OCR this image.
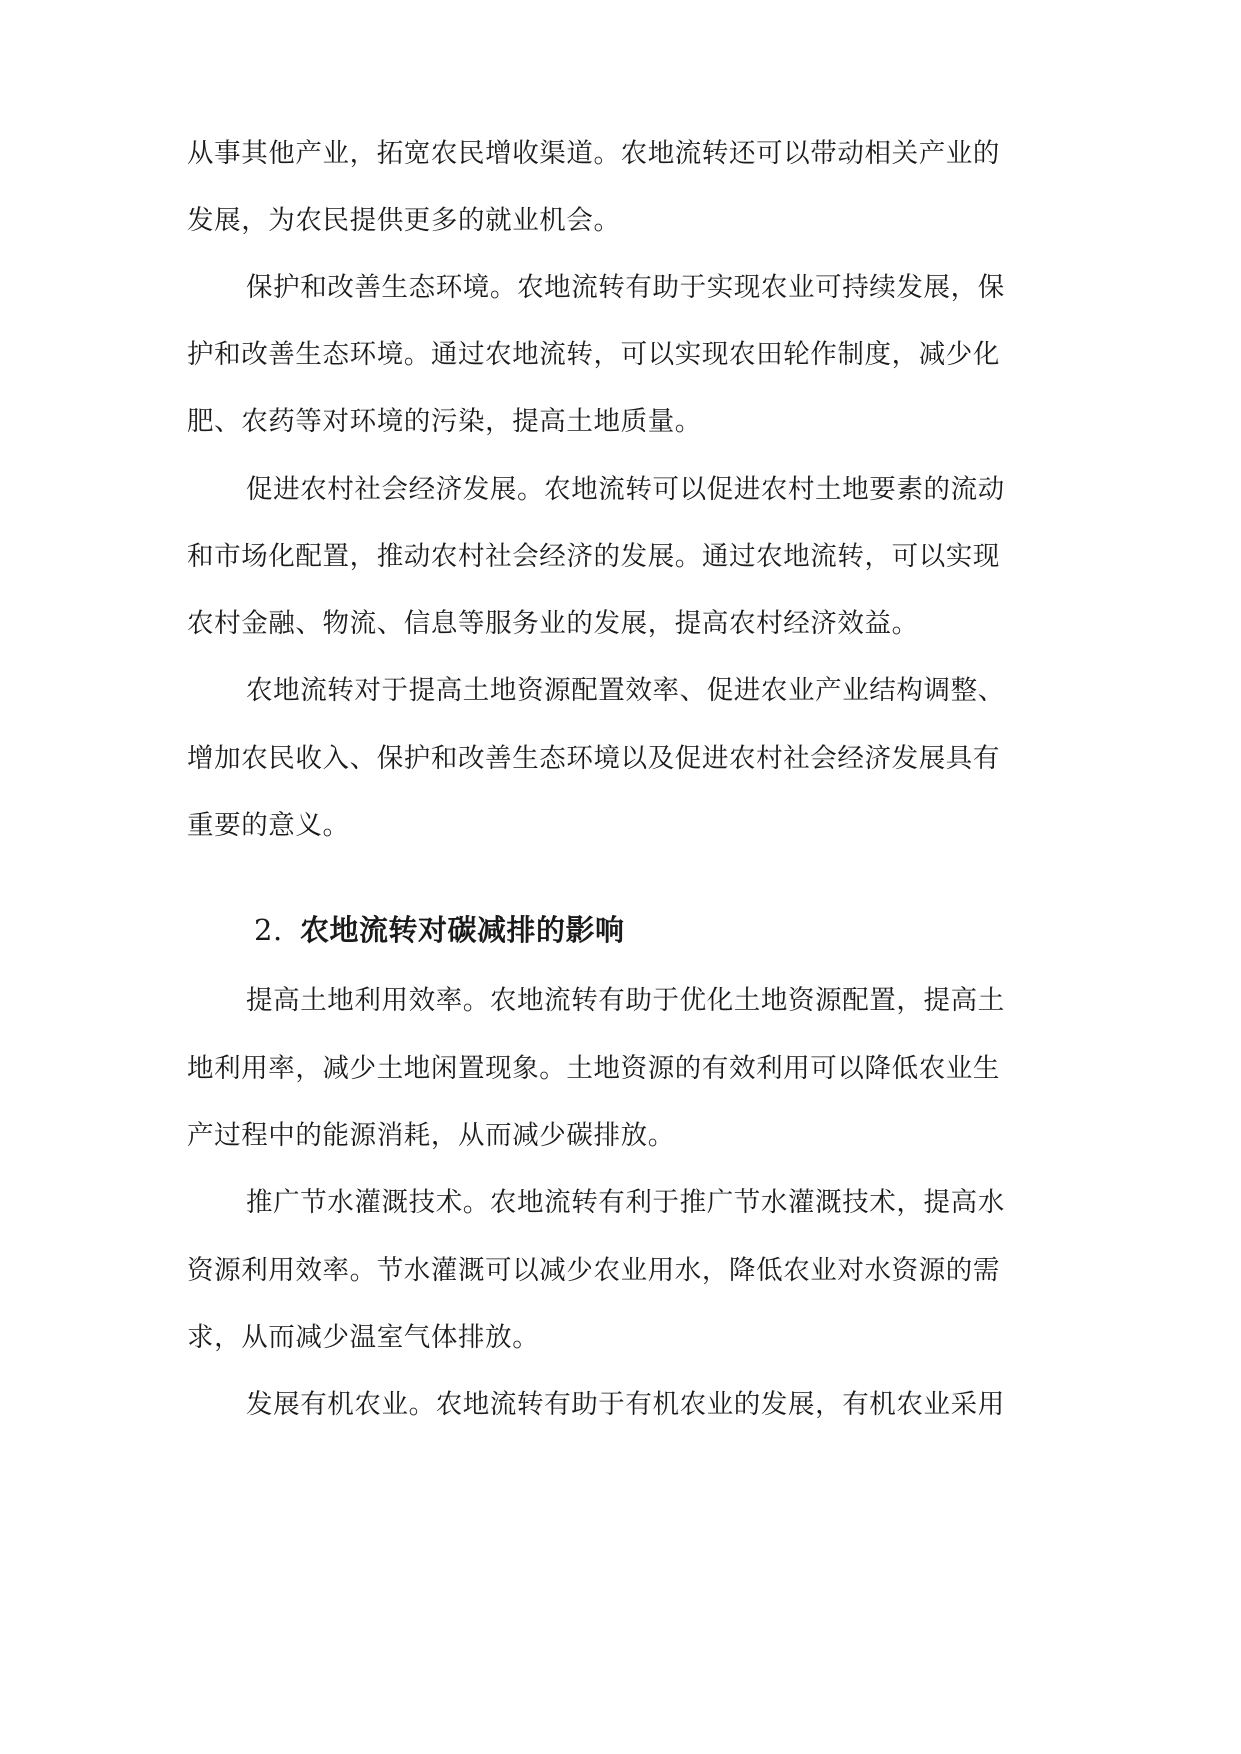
从事其他产业，拓宽农民增收渠道。农地流转还可以带动相关产业的
发展，为农民提供更多的就业机会。
保护和改善生态环境。农地流转有助于实现农业可持续发展，保
护和改善生态环境。通过农地流转，可以实现农田轮作制度，减少化
肥、农药等对环境的污染，提高土地质量。
促进农村社会经济发展。农地流转可以促进农村土地要素的流动
和市场化配置，推动农村社会经济的发展。通过农地流转，可以实现
农村金融、物流、信息等服务业的发展，提高农村经济效益。
农地流转对于提高土地资源配置效率、促进农业产业结构调整、
增加农民收入、保护和改善生态环境以及促进农村社会经济发展具有
重要的意义。
2. 农地流转对碳减排的影响
提高土地利用效率。农地流转有助于优化土地资源配置，提高土
地利用率，减少土地闲置现象。土地资源的有效利用可以降低农业生
产过程中的能源消耗，从而减少碳排放。
推广节水灌溉技术。农地流转有利于推广节水灌溉技术，提高水
资源利用效率。节水灌溉可以减少农业用水，降低农业对水资源的需
求，从而减少温室气体排放。
发展有机农业。农地流转有助于有机农业的发展，有机农业采用
